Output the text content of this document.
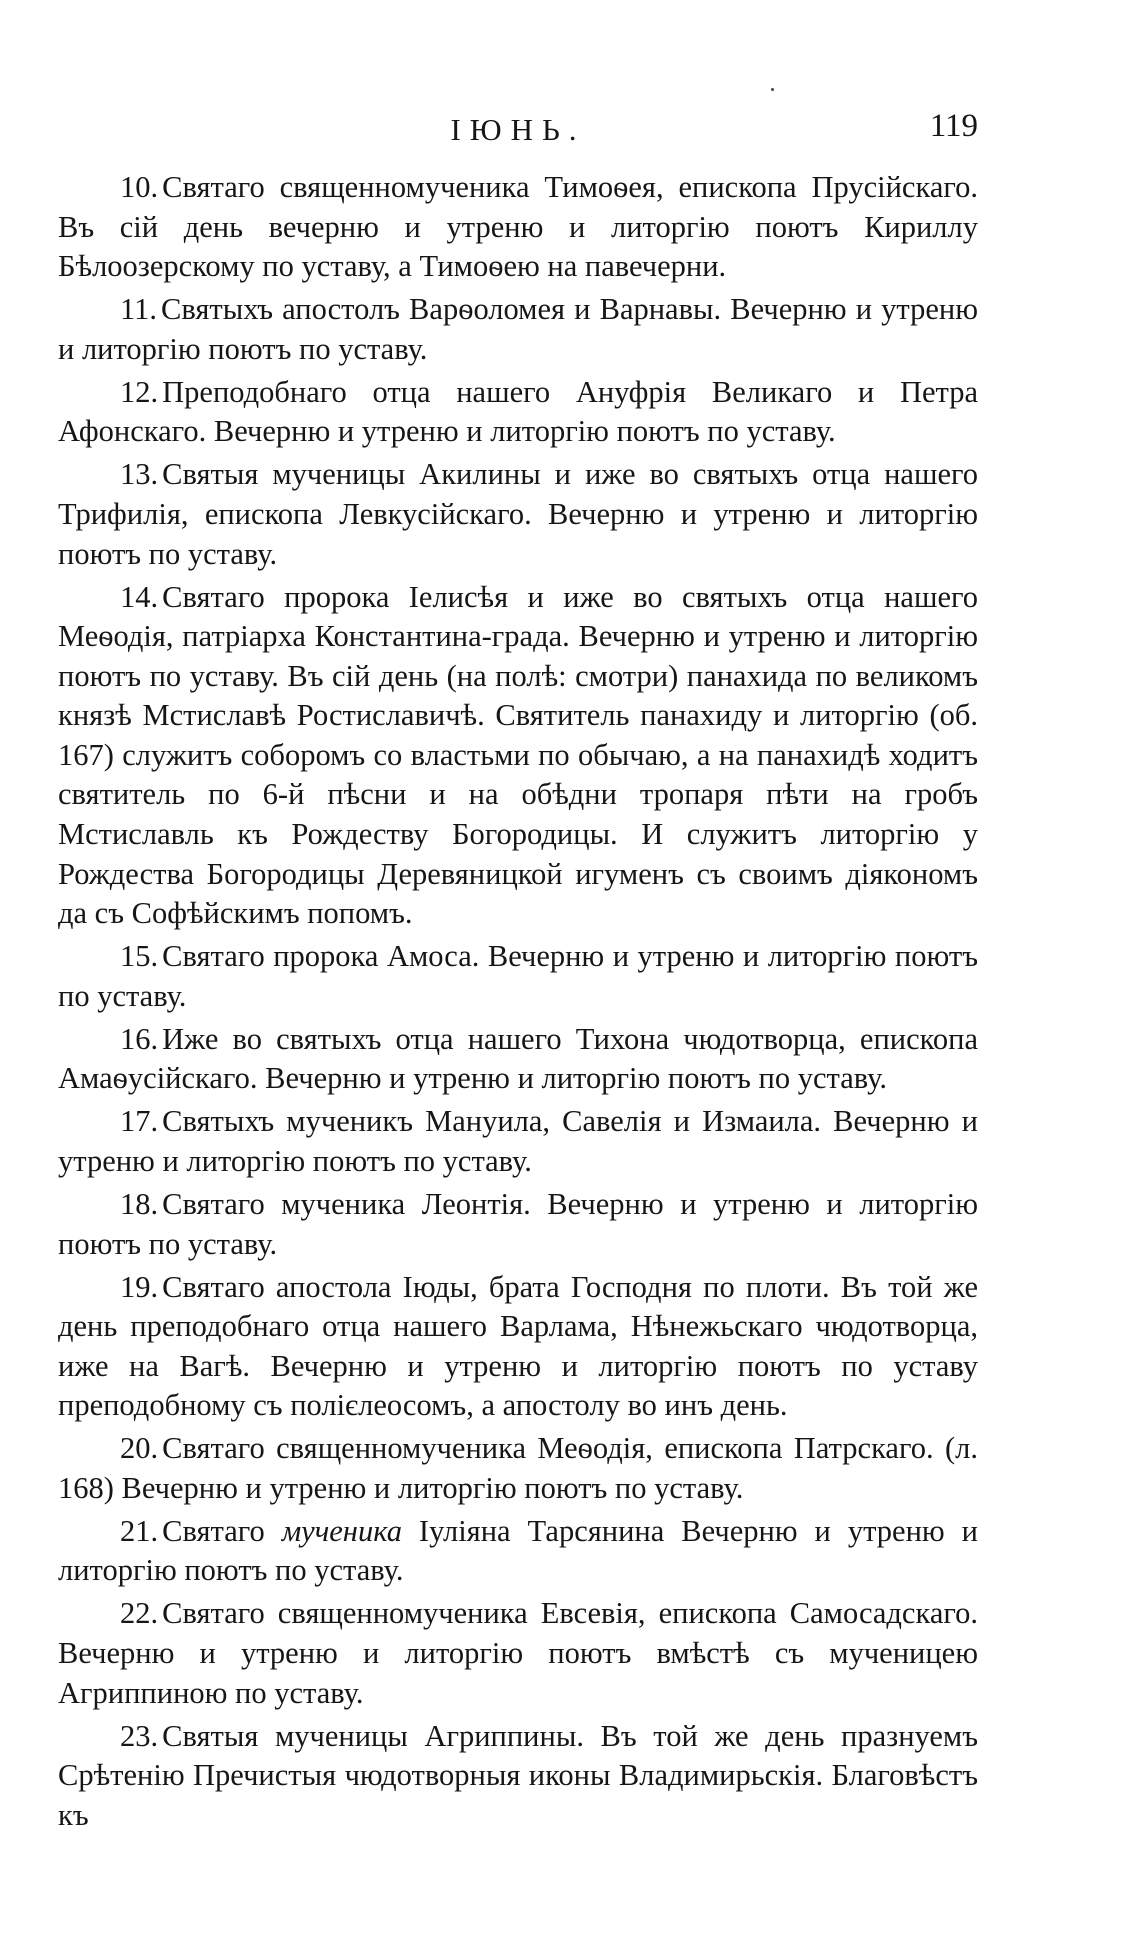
ІЮНЬ.	119

10. Святаго священномученика Тимоѳея, епископа Прусійскаго. Въ сій день вечерню и утреню и литоргію поютъ Кириллу Бѣлоозерскому по уставу, а Тимоѳею на павечерни.

11. Святыхъ апостолъ Варѳоломея и Варнавы. Вечерню и утреню и литоргію поютъ по уставу.

12. Преподобнаго отца нашего Ануфрія Великаго и Петра Афонскаго. Вечерню и утреню и литоргію поютъ по уставу.

13. Святыя мученицы Акилины и иже во святыхъ отца нашего Трифилія, епископа Левкусійскаго. Вечерню и утреню и литоргію поютъ по уставу.

14. Святаго пророка Іелисѣя и иже во святыхъ отца нашего Меѳодія, патріарха Константина-града. Вечерню и утреню и литоргію поютъ по уставу. Въ сій день (на полѣ: смотри) панахида по великомъ князѣ Мстиславѣ Ростиславичѣ. Святитель панахиду и литоргію (об. 167) служитъ соборомъ со властьми по обычаю, а на панахидѣ ходитъ святитель по 6-й пѣсни и на обѣдни тропаря пѣти на гробъ Мстиславль къ Рождеству Богородицы. И служитъ литоргію у Рождества Богородицы Деревяницкой игуменъ съ своимъ діякономъ да съ Софѣйскимъ попомъ.

15. Святаго пророка Амоса. Вечерню и утреню и литоргію поютъ по уставу.

16. Иже во святыхъ отца нашего Тихона чюдотворца, епископа Амаѳусійскаго. Вечерню и утреню и литоргію поютъ по уставу.

17. Святыхъ мученикъ Мануила, Савелія и Измаила. Вечерню и утреню и литоргію поютъ по уставу.

18. Святаго мученика Леонтія. Вечерню и утреню и литоргію поютъ по уставу.

19. Святаго апостола Іюды, брата Господня по плоти. Въ той же день преподобнаго отца нашего Варлама, Нѣнежьскаго чюдотворца, иже на Вагѣ. Вечерню и утреню и литоргію поютъ по уставу преподобному съ полієлеосомъ, а апостолу во инъ день.

20. Святаго священномученика Меѳодія, епископа Патрскаго. (л. 168) Вечерню и утреню и литоргію поютъ по уставу.

21. Святаго мученика Іуліяна Тарсянина Вечерню и утреню и литоргію поютъ по уставу.

22. Святаго священномученика Евсевія, епископа Самосадскаго. Вечерню и утреню и литоргію поютъ вмѣстѣ съ мученицею Агриппиною по уставу.

23. Святыя мученицы Агриппины. Въ той же день празнуемъ Срѣтенію Пречистыя чюдотворныя иконы Владимирьскія. Благовѣстъ къ
